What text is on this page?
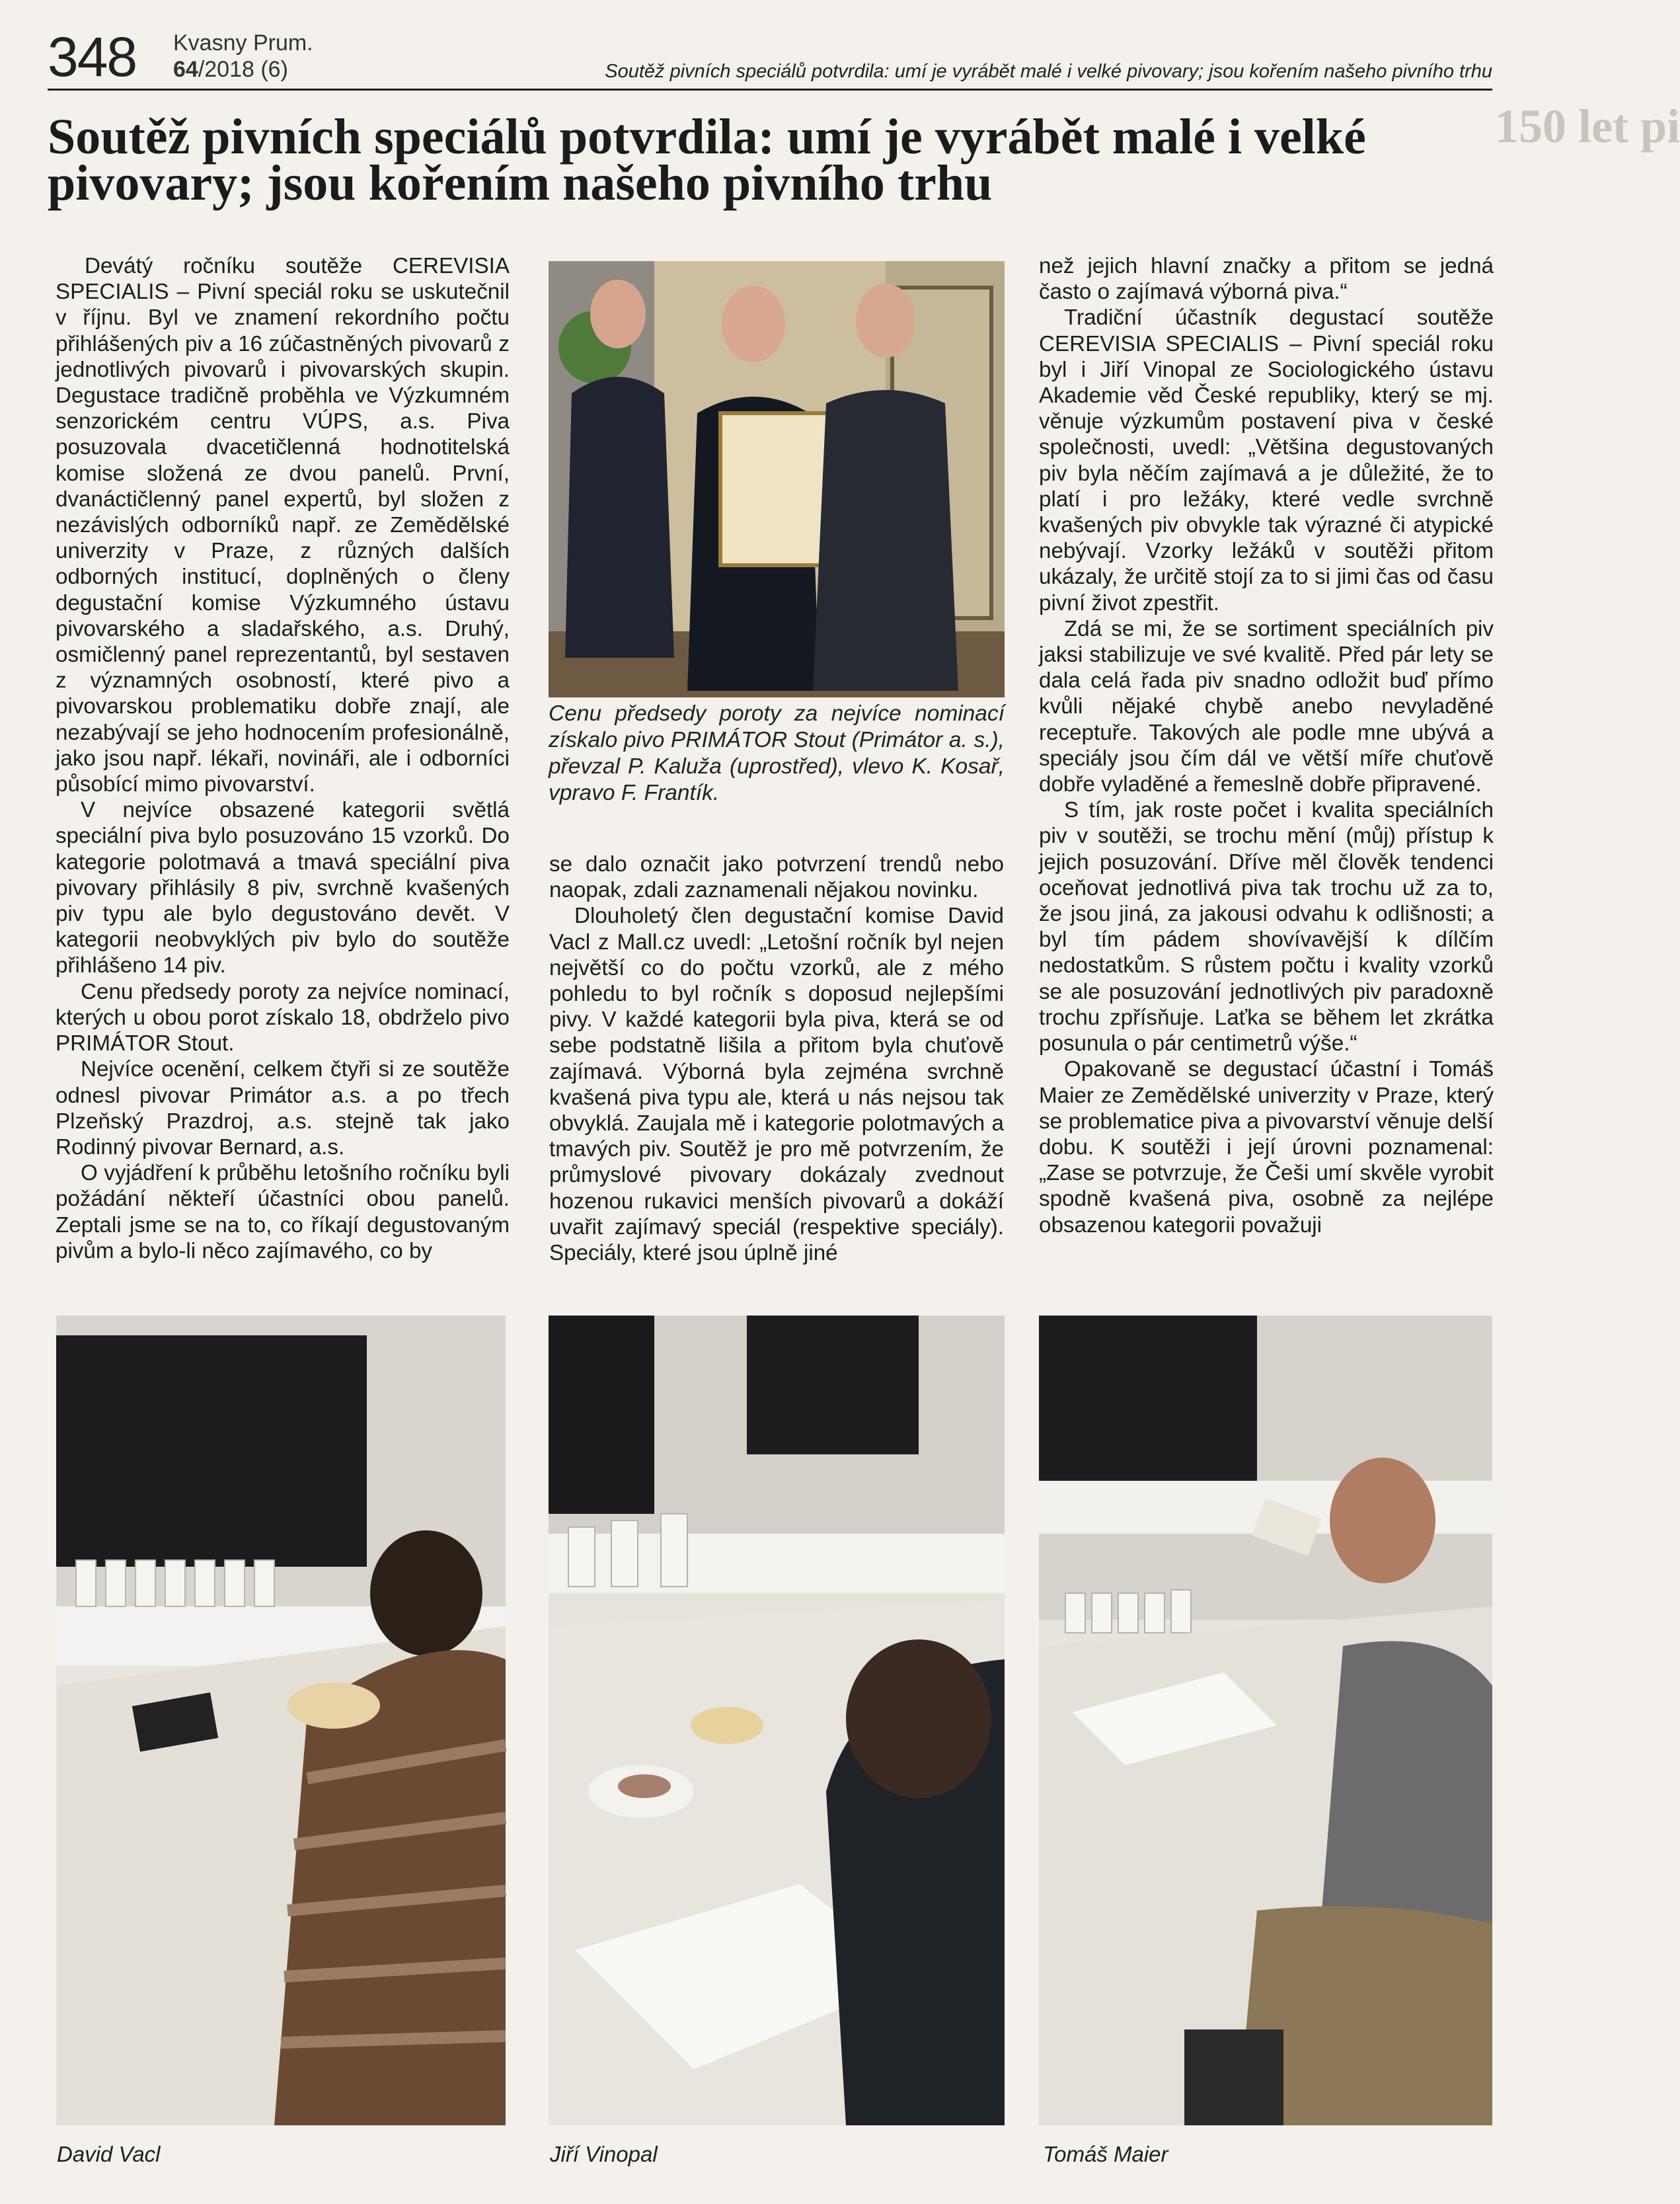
348 Kvasny Prum.
64/2018 (6)	Soutěž pivních speciálů potvrdila: umí je vyrábět malé i velké pivovary; jsou kořením našeho pivního trhu
150 let pi
Soutěž pivních speciálů potvrdila: umí je vyrábět malé i velké pivovary; jsou kořením našeho pivního trhu

Devátý ročníku soutěže CEREVISIA SPECIALIS – Pivní speciál roku se uskutečnil v říjnu. Byl ve znamení rekordního počtu přihlášených piv a 16 zúčastněných pivovarů z jednotlivých pivovarů i pivovarských skupin. Degustace tradičně proběhla ve Výzkumném senzorickém centru VÚPS, a.s. Piva posuzovala dvacetičlenná hodnotitelská komise složená ze dvou panelů. První, dvanáctičlenný panel expertů, byl složen z nezávislých odborníků např. ze Zemědělské univerzity v Praze, z různých dalších odborných institucí, doplněných o členy degustační komise Výzkumného ústavu pivovarského a sladařského, a.s. Druhý, osmičlenný panel reprezentantů, byl sestaven z významných osobností, které pivo a pivovarskou problematiku dobře znají, ale nezabývají se jeho hodnocením profesionálně, jako jsou např. lékaři, novináři, ale i odborníci působící mimo pivovarství.

V nejvíce obsazené kategorii světlá speciální piva bylo posuzováno 15 vzorků. Do kategorie polotmavá a tmavá speciální piva pivovary přihlásily 8 piv, svrchně kvašených piv typu ale bylo degustováno devět. V kategorii neobvyklých piv bylo do soutěže přihlášeno 14 piv.

Cenu předsedy poroty za nejvíce nominací, kterých u obou porot získalo 18, obdrželo pivo PRIMÁTOR Stout.

Nejvíce ocenění, celkem čtyři si ze soutěže odnesl pivovar Primátor a.s. a po třech Plzeňský Prazdroj, a.s. stejně tak jako Rodinný pivovar Bernard, a.s.

O vyjádření k průběhu letošního ročníku byli požádání někteří účastníci obou panelů. Zeptali jsme se na to, co říkají degustovaným pivům a bylo-li něco zajímavého, co by

Cenu předsedy poroty za nejvíce nominací získalo pivo PRIMÁTOR Stout (Primátor a. s.), převzal P. Kaluža (uprostřed), vlevo K. Kosař, vpravo F. Frantík.

se dalo označit jako potvrzení trendů nebo naopak, zdali zaznamenali nějakou novinku.

Dlouholetý člen degustační komise David Vacl z Mall.cz uvedl: „Letošní ročník byl nejen největší co do počtu vzorků, ale z mého pohledu to byl ročník s doposud nejlepšími pivy. V každé kategorii byla piva, která se od sebe podstatně lišila a přitom byla chuťově zajímavá. Výborná byla zejména svrchně kvašená piva typu ale, která u nás nejsou tak obvyklá. Zaujala mě i kategorie polotmavých a tmavých piv. Soutěž je pro mě potvrzením, že průmyslové pivovary dokázaly zvednout hozenou rukavici menších pivovarů a dokáží uvařit zajímavý speciál (respektive speciály). Speciály, které jsou úplně jiné

než jejich hlavní značky a přitom se jedná často o zajímavá výborná piva.“

Tradiční účastník degustací soutěže CEREVISIA SPECIALIS – Pivní speciál roku byl i Jiří Vinopal ze Sociologického ústavu Akademie věd České republiky, který se mj. věnuje výzkumům postavení piva v české společnosti, uvedl: „Většina degustovaných piv byla něčím zajímavá a je důležité, že to platí i pro ležáky, které vedle svrchně kvašených piv obvykle tak výrazné či atypické nebývají. Vzorky ležáků v soutěži přitom ukázaly, že určitě stojí za to si jimi čas od času pivní život zpestřit.

Zdá se mi, že se sortiment speciálních piv jaksi stabilizuje ve své kvalitě. Před pár lety se dala celá řada piv snadno odložit buď přímo kvůli nějaké chybě anebo nevyladěné receptuře. Takových ale podle mne ubývá a speciály jsou čím dál ve větší míře chuťově dobře vyladěné a řemeslně dobře připravené.

S tím, jak roste počet i kvalita speciálních piv v soutěži, se trochu mění (můj) přístup k jejich posuzování. Dříve měl člověk tendenci oceňovat jednotlivá piva tak trochu už za to, že jsou jiná, za jakousi odvahu k odlišnosti; a byl tím pádem shovívavější k dílčím nedostatkům. S růstem počtu i kvality vzorků se ale posuzování jednotlivých piv paradoxně trochu zpřísňuje. Laťka se během let zkrátka posunula o pár centimetrů výše.“

Opakovaně se degustací účastní i Tomáš Maier ze Zemědělské univerzity v Praze, který se problematice piva a pivovarství věnuje delší dobu. K soutěži i její úrovni poznamenal: „Zase se potvrzuje, že Češi umí skvěle vyrobit spodně kvašená piva, osobně za nejlépe obsazenou kategorii považuji

David Vacl	Jiří Vinopal	Tomáš Maier
